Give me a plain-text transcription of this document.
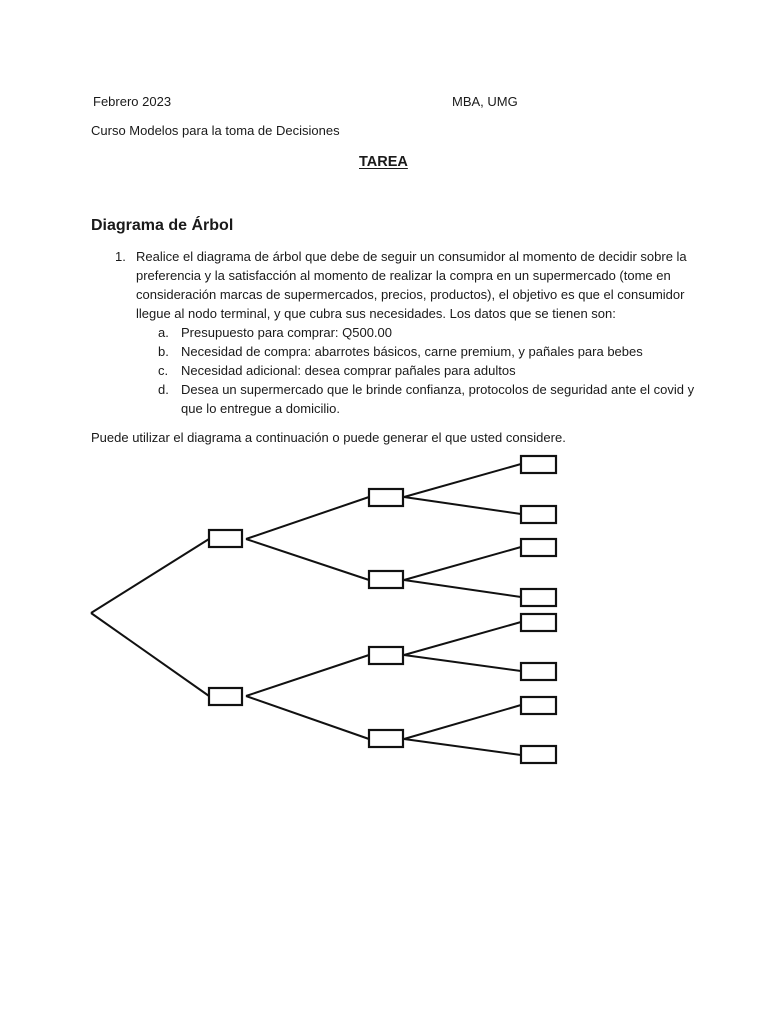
Febrero 2023	MBA, UMG
Curso Modelos para la toma de Decisiones
TAREA
Diagrama de Árbol
1. Realice el diagrama de árbol que debe de seguir un consumidor al momento de decidir sobre la
preferencia y la satisfacción al momento de realizar la compra en un supermercado (tome en
consideración marcas de supermercados, precios, productos), el objetivo es que el consumidor
llegue al nodo terminal, y que cubra sus necesidades. Los datos que se tienen son:
a. Presupuesto para comprar: Q500.00
b. Necesidad de compra: abarrotes básicos, carne premium, y pañales para bebes
c. Necesidad adicional: desea comprar pañales para adultos
d. Desea un supermercado que le brinde confianza, protocolos de seguridad ante el covid y
que lo entregue a domicilio.
Puede utilizar el diagrama a continuación o puede generar el que usted considere.
